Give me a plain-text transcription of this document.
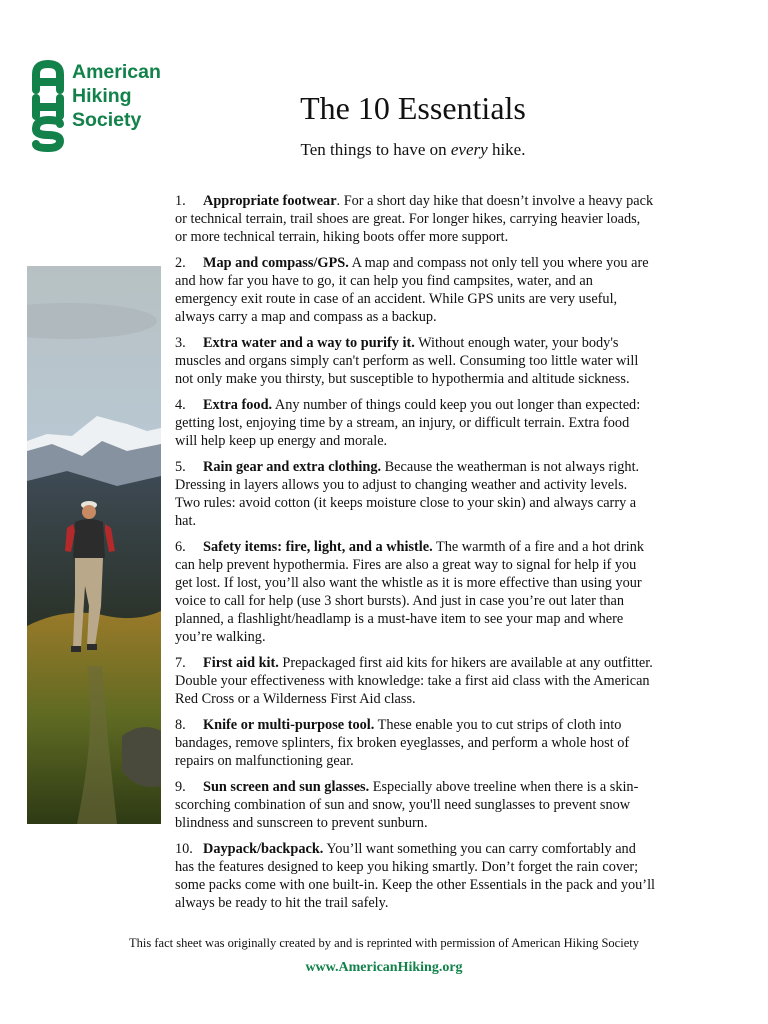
American
Hiking
Society	The 10 Essentials
Ten things to have on every hike.
1. Appropriate footwear. For a short day hike that doesn’t involve a heavy pack or technical terrain, trail shoes are great. For longer hikes, carrying heavier loads, or more technical terrain, hiking boots offer more support.
2. Map and compass/GPS. A map and compass not only tell you where you are and how far you have to go, it can help you find campsites, water, and an emergency exit route in case of an accident. While GPS units are very useful, always carry a map and compass as a backup.
3. Extra water and a way to purify it. Without enough water, your body's muscles and organs simply can't perform as well. Consuming too little water will not only make you thirsty, but susceptible to hypothermia and altitude sickness.
4. Extra food. Any number of things could keep you out longer than expected: getting lost, enjoying time by a stream, an injury, or difficult terrain. Extra food will help keep up energy and morale.
5. Rain gear and extra clothing. Because the weatherman is not always right. Dressing in layers allows you to adjust to changing weather and activity levels. Two rules: avoid cotton (it keeps moisture close to your skin) and always carry a hat.
6. Safety items: fire, light, and a whistle. The warmth of a fire and a hot drink can help prevent hypothermia. Fires are also a great way to signal for help if you get lost. If lost, you’ll also want the whistle as it is more effective than using your voice to call for help (use 3 short bursts). And just in case you’re out later than planned, a flashlight/headlamp is a must-have item to see your map and where you’re walking.
7. First aid kit. Prepackaged first aid kits for hikers are available at any outfitter. Double your effectiveness with knowledge: take a first aid class with the American Red Cross or a Wilderness First Aid class.
8. Knife or multi-purpose tool. These enable you to cut strips of cloth into bandages, remove splinters, fix broken eyeglasses, and perform a whole host of repairs on malfunctioning gear.
9. Sun screen and sun glasses. Especially above treeline when there is a skin-scorching combination of sun and snow, you'll need sunglasses to prevent snow blindness and sunscreen to prevent sunburn.
10. Daypack/backpack. You’ll want something you can carry comfortably and has the features designed to keep you hiking smartly. Don’t forget the rain cover; some packs come with one built-in. Keep the other Essentials in the pack and you’ll always be ready to hit the trail safely.
This fact sheet was originally created by and is reprinted with permission of American Hiking Society
www.AmericanHiking.org
